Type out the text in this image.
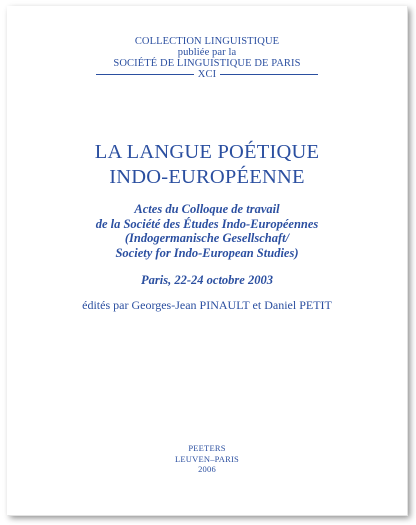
COLLECTION LINGUISTIQUE
publiée par la
SOCIÉTÉ DE LINGUISTIQUE DE PARIS
XCI
LA LANGUE POÉTIQUE
INDO-EUROPÉENNE
Actes du Colloque de travail
de la Société des Études Indo-Européennes
(Indogermanische Gesellschaft/
Society for Indo-European Studies)
Paris, 22-24 octobre 2003
édités par Georges-Jean PINAULT et Daniel PETIT
PEETERS
LEUVEN–PARIS
2006
